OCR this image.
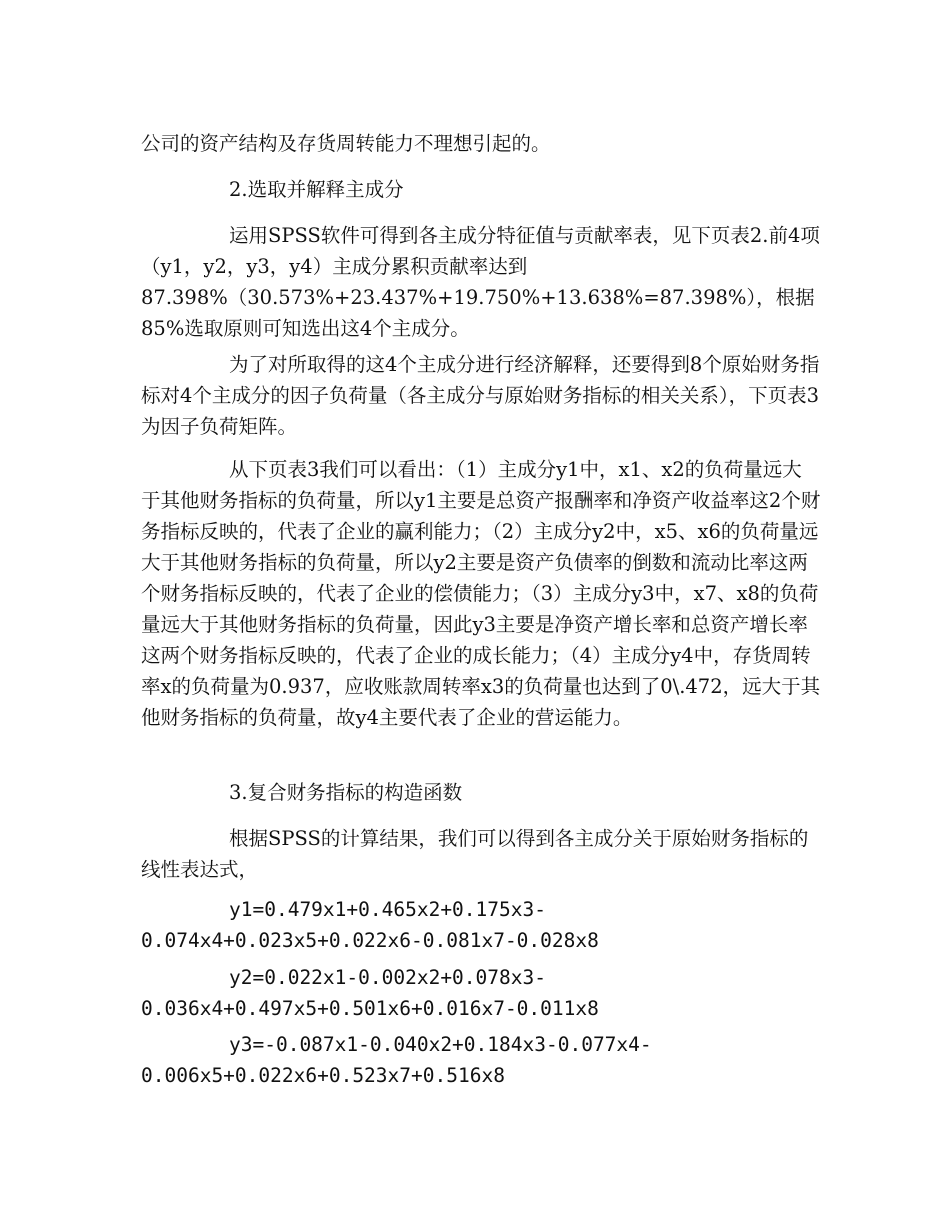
公司的资产结构及存货周转能力不理想引起的。

2.选取并解释主成分

运用SPSS软件可得到各主成分特征值与贡献率表，见下页表2.前4项（y1，y2，y3，y4）主成分累积贡献率达到87.398%（30.573%+23.437%+19.750%+13.638%=87.398%），根据85%选取原则可知选出这4个主成分。

为了对所取得的这4个主成分进行经济解释，还要得到8个原始财务指标对4个主成分的因子负荷量（各主成分与原始财务指标的相关关系），下页表3为因子负荷矩阵。

从下页表3我们可以看出：（1）主成分y1中，x1、x2的负荷量远大于其他财务指标的负荷量，所以y1主要是总资产报酬率和净资产收益率这2个财务指标反映的，代表了企业的赢利能力；（2）主成分y2中，x5、x6的负荷量远大于其他财务指标的负荷量，所以y2主要是资产负债率的倒数和流动比率这两个财务指标反映的，代表了企业的偿债能力；（3）主成分y3中，x7、x8的负荷量远大于其他财务指标的负荷量，因此y3主要是净资产增长率和总资产增长率这两个财务指标反映的，代表了企业的成长能力；（4）主成分y4中，存货周转率x的负荷量为0.937，应收账款周转率x3的负荷量也达到了0\.472，远大于其他财务指标的负荷量，故y4主要代表了企业的营运能力。

3.复合财务指标的构造函数

根据SPSS的计算结果，我们可以得到各主成分关于原始财务指标的线性表达式，

y1=0.479x1+0.465x2+0.175x3-0.074x4+0.023x5+0.022x6-0.081x7-0.028x8

y2=0.022x1-0.002x2+0.078x3-0.036x4+0.497x5+0.501x6+0.016x7-0.011x8

y3=-0.087x1-0.040x2+0.184x3-0.077x4-0.006x5+0.022x6+0.523x7+0.516x8
